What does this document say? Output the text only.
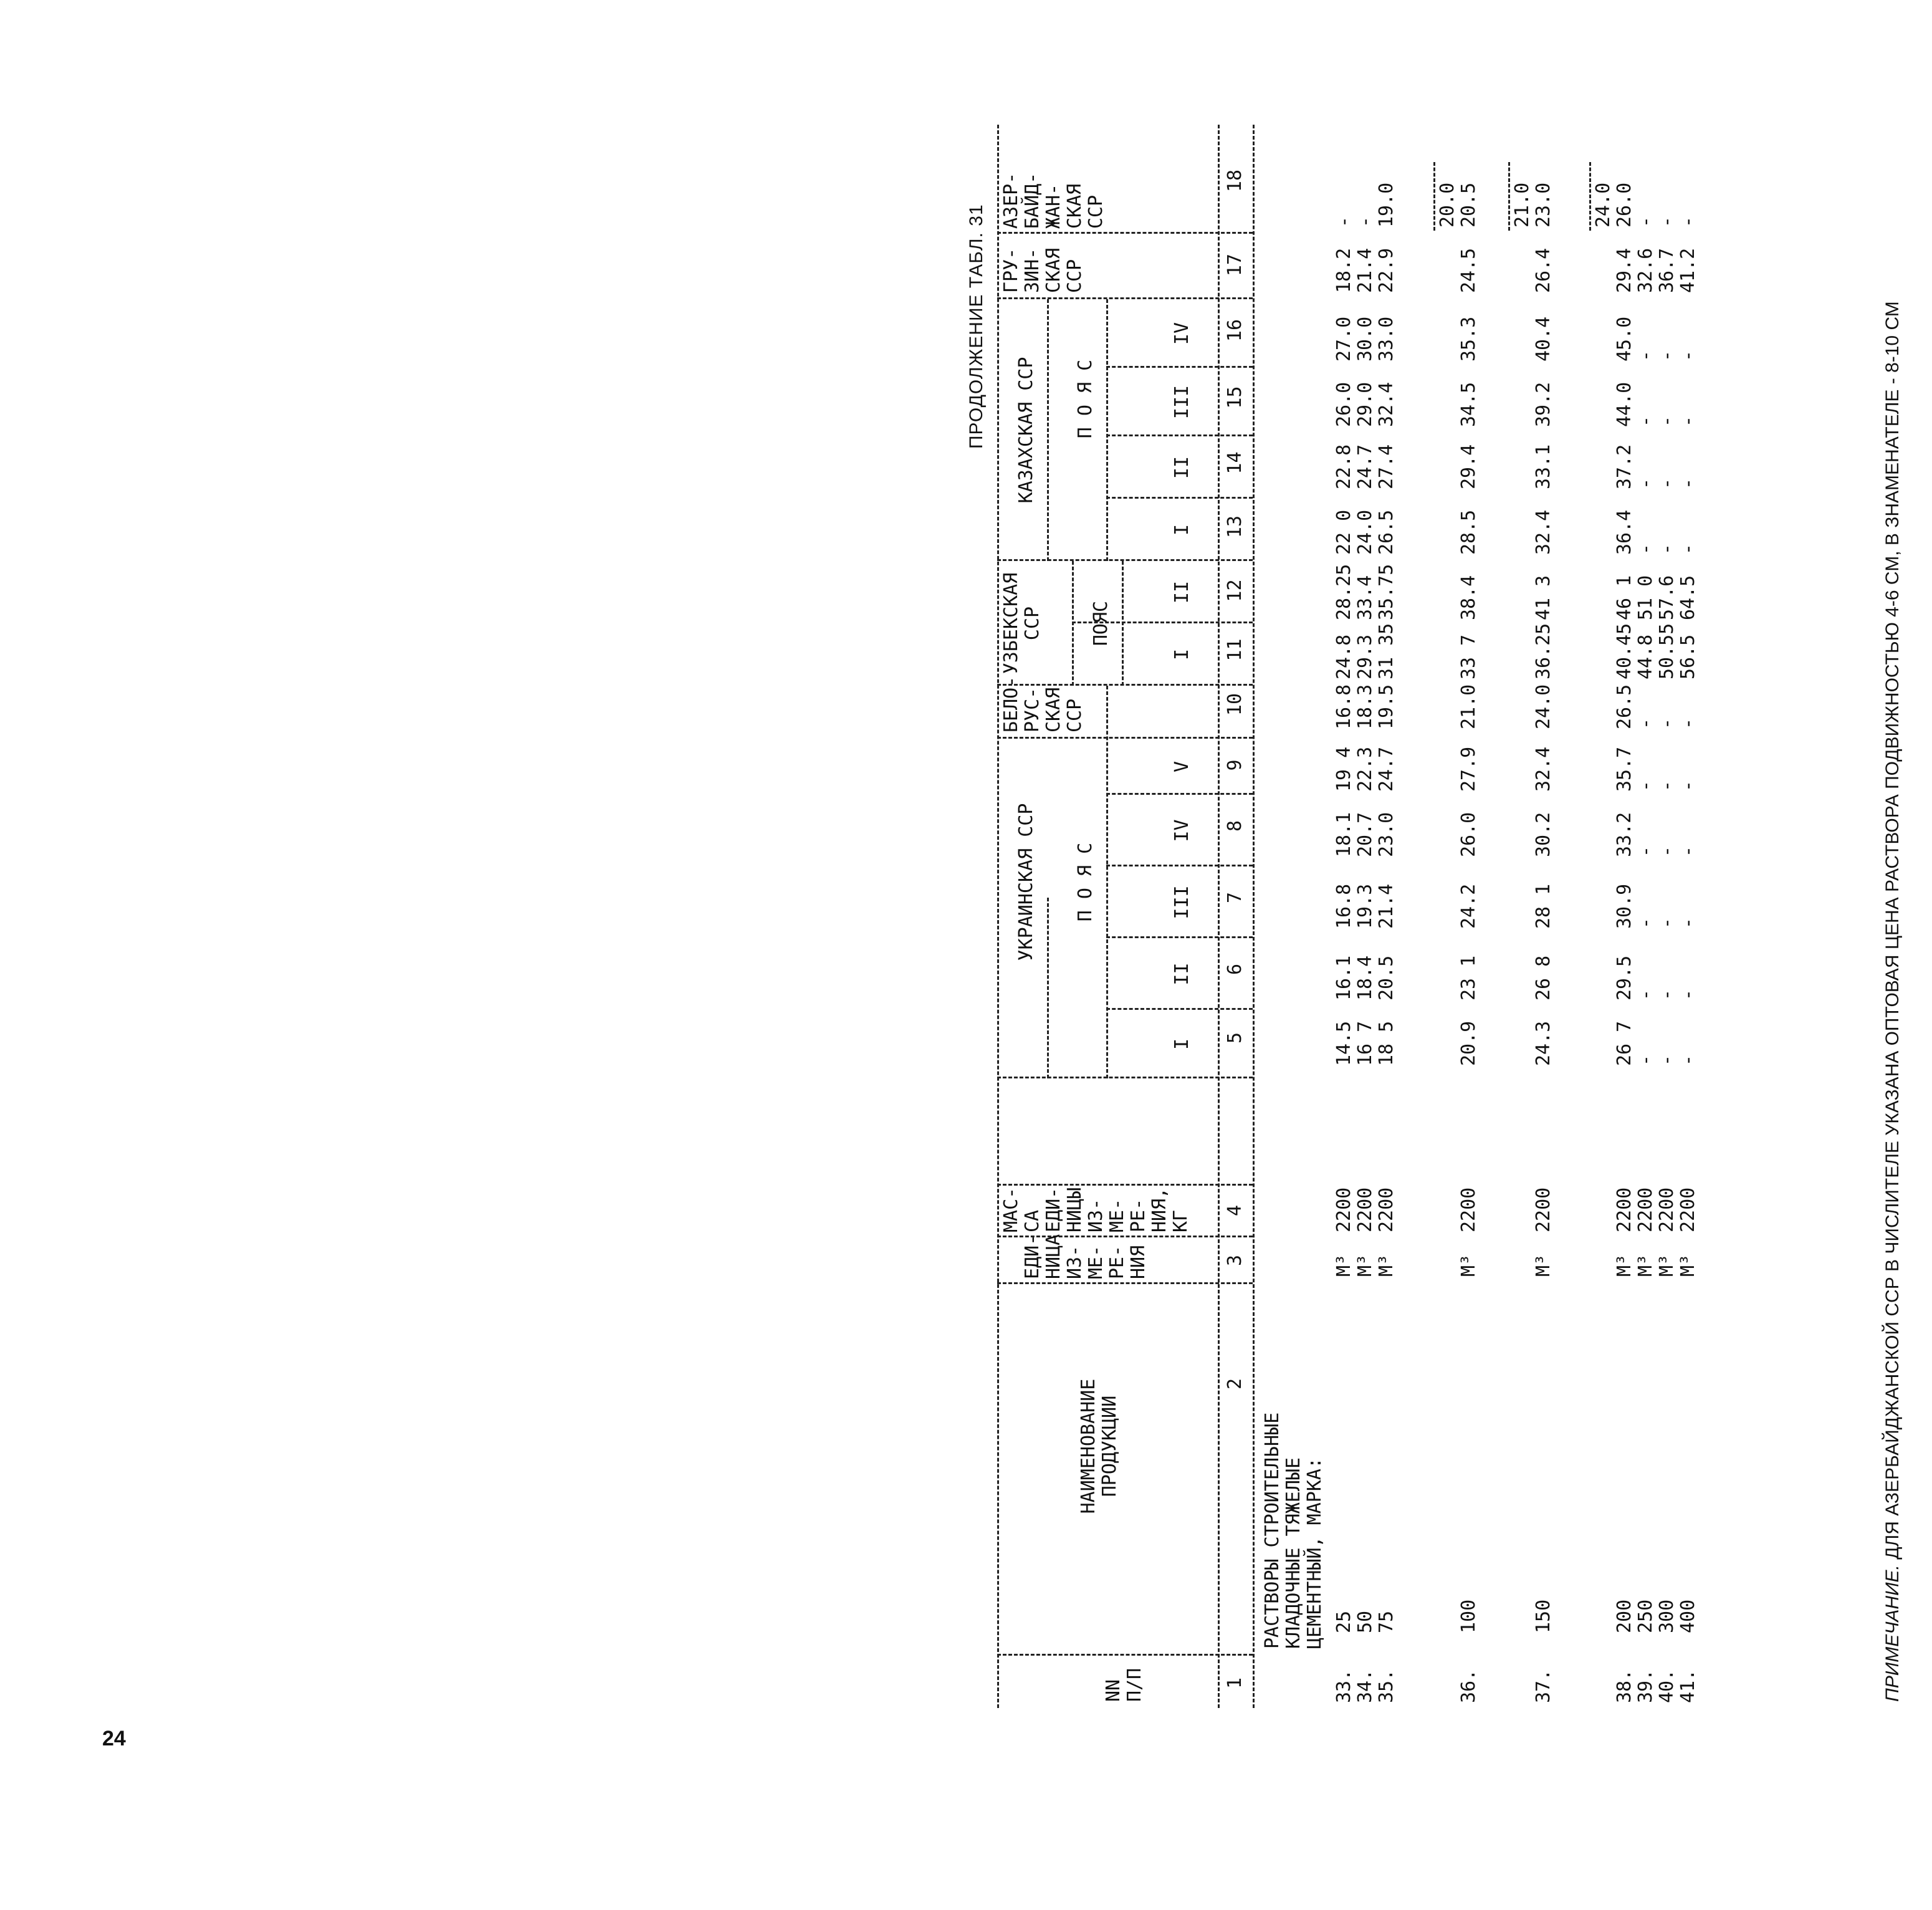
24
ПРОДОЛЖЕНИЕ ТАБЛ. 31
NN
П/П
НАИМЕНОВАНИЕ
ПРОДУКЦИИ
ЕДИ-
НИЦА
ИЗ-
МЕ-
РЕ-
НИЯ
МАС-
СА
ЕДИ-
НИЦЫ
ИЗ-
МЕ-
РЕ-
НИЯ,
КГ
УКРАИНСКАЯ ССР П О Я С
БЕЛО-
РУС-
СКАЯ
ССР
УЗБЕКСКАЯ
ССР	ПОЯС
КАЗАХСКАЯ ССР П О Я С
ГРУ-
ЗИН-
СКАЯ
ССР
АЗЕР-
БАЙД-
ЖАН-
СКАЯ
ССР
I
II
III
IV
V
I
II
I
II
III
IV
1
2
3
4
5
6
7
8
9
10
11
12
13
14
15
16
17
18
РАСТВОРЫ СТРОИТЕЛЬНЫЕ
КЛАДОЧНЫЕ ТЯЖЕЛЫЕ
ЦЕМЕНТНЫЙ, МАРКА:
33.
25
М³
2200
14.5
16.1
16.8
18.1
19 4
16.8
24.8
28.25
22 0
22.8
26.0
27.0
18.2
-
34.
50
М³
2200
16 7
18.4
19.3
20.7
22.3
18.3
29.3
33.4
24.0
24.7
29.0
30.0
21.4
-
35.
75
М³
2200
18 5
20.5
21.4
23.0
24.7
19.5
31 35
35.75
26.5
27.4
32.4
33.0
22.9
19.0
36.
100
М³
2200
20.9
23 1
24.2
26.0
27.9
21.0
33 7
38.4
28.5
29.4
34.5
35.3
24.5
20.0
20.5
37.
150
М³
2200
24.3
26 8
28 1
30.2
32.4
24.0
36.25
41 3
32.4
33.1
39.2
40.4
26.4
21.0
23.0
38.
200
М³
2200
26 7
29.5
30.9
33.2
35.7
26.5
40.45
46 1
36.4
37.2
44.0
45.0
29.4
24.0
26.0
39.
250
М³
2200
-
-
-
-
-
-
44.8
51 0
-
-
-
-
32.6
-
40.
300
М³
2200
-
-
-
-
-
-
50.55
57.6
-
-
-
-
36.7
-
41.
400
М³
2200
-
-
-
-
-
-
56.5
64.5
-
-
-
-
41.2
-
ПРИМЕЧАНИЕ. ДЛЯ АЗЕРБАЙДЖАНСКОЙ ССР В ЧИСЛИТЕЛЕ УКАЗАНА ОПТОВАЯ ЦЕНА РАСТВОРА ПОДВИЖНОСТЬЮ 4-6 СМ, В ЗНАМЕНАТЕЛЕ - 8-10 СМ
